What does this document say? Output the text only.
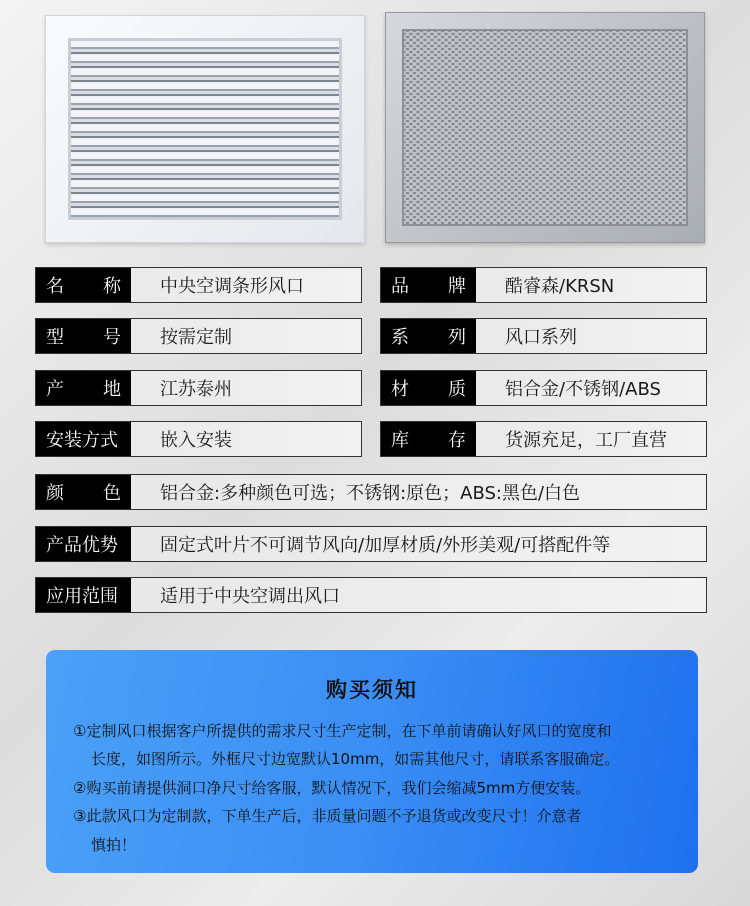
名 称	中央空调条形风口	品 牌	酷睿森/KRSN
型 号	按需定制	系 列	风口系列
产 地	江苏泰州	材 质	铝合金/不锈钢/ABS
安装方式	嵌入安装	库 存	货源充足，工厂直营
颜 色	铝合金:多种颜色可选；不锈钢:原色；ABS:黑色/白色
产品优势	固定式叶片不可调节风向/加厚材质/外形美观/可搭配件等
应用范围	适用于中央空调出风口
购买须知

①定制风口根据客户所提供的需求尺寸生产定制，在下单前请确认好风口的宽度和

长度，如图所示。外框尺寸边宽默认10mm，如需其他尺寸，请联系客服确定。

②购买前请提供洞口净尺寸给客服，默认情况下，我们会缩减5mm方便安装。

③此款风口为定制款，下单生产后，非质量问题不予退货或改变尺寸！介意者

慎拍！
